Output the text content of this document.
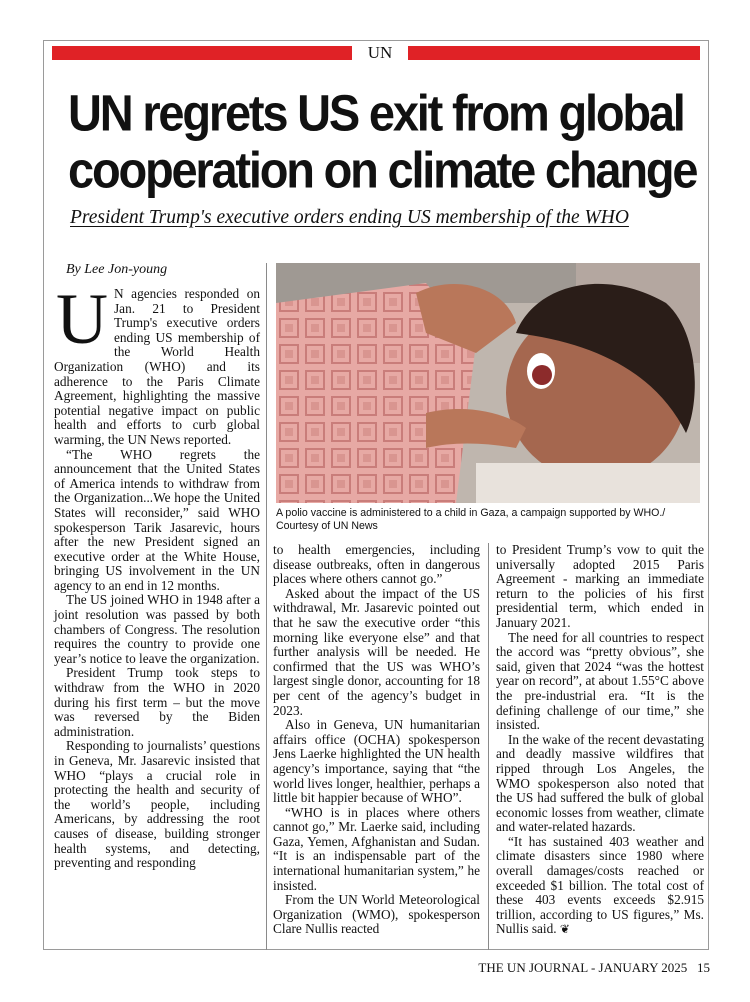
UN
UN regrets US exit from global cooperation on climate change
President Trump's executive orders ending US membership of the WHO
By Lee Jon-young
U N agencies responded on Jan. 21 to President Trump's executive orders ending US membership of the World Health Organization (WHO) and its adherence to the Paris Climate Agreement, highlighting the massive potential negative impact on public health and efforts to curb global warming, the UN News reported.

“The WHO regrets the announcement that the United States of America intends to withdraw from the Organization...We hope the United States will reconsider,” said WHO spokesperson Tarik Jasarevic, hours after the new President signed an executive order at the White House, bringing US involvement in the UN agency to an end in 12 months.

The US joined WHO in 1948 after a joint resolution was passed by both chambers of Congress. The resolution requires the country to provide one year’s notice to leave the organization.

President Trump took steps to withdraw from the WHO in 2020 during his first term – but the move was reversed by the Biden administration.

Responding to journalists’ questions in Geneva, Mr. Jasarevic insisted that WHO “plays a crucial role in protecting the health and security of the world’s people, including Americans, by addressing the root causes of disease, building stronger health systems, and detecting, preventing and responding

A polio vaccine is administered to a child in Gaza, a campaign supported by WHO./ Courtesy of UN News

to health emergencies, including disease outbreaks, often in dangerous places where others cannot go.”

Asked about the impact of the US withdrawal, Mr. Jasarevic pointed out that he saw the executive order “this morning like everyone else” and that further analysis will be needed. He confirmed that the US was WHO’s largest single donor, accounting for 18 per cent of the agency’s budget in 2023.

Also in Geneva, UN humanitarian affairs office (OCHA) spokesperson Jens Laerke highlighted the UN health agency’s importance, saying that “the world lives longer, healthier, perhaps a little bit happier because of WHO”.

“WHO is in places where others cannot go,” Mr. Laerke said, including Gaza, Yemen, Afghanistan and Sudan. “It is an indispensable part of the international humanitarian system,” he insisted.

From the UN World Meteorological Organization (WMO), spokesperson Clare Nullis reacted

to President Trump’s vow to quit the universally adopted 2015 Paris Agreement - marking an immediate return to the policies of his first presidential term, which ended in January 2021.

The need for all countries to respect the accord was “pretty obvious”, she said, given that 2024 “was the hottest year on record”, at about 1.55°C above the pre-industrial era. “It is the defining challenge of our time,” she insisted.

In the wake of the recent devastating and deadly massive wildfires that ripped through Los Angeles, the WMO spokesperson also noted that the US had suffered the bulk of global economic losses from weather, climate and water-related hazards.

“It has sustained 403 weather and climate disasters since 1980 where overall damages/costs reached or exceeded $1 billion. The total cost of these 403 events exceeds $2.915 trillion, according to US figures,” Ms. Nullis said. ❦

THE UN JOURNAL - JANUARY 2025 15
